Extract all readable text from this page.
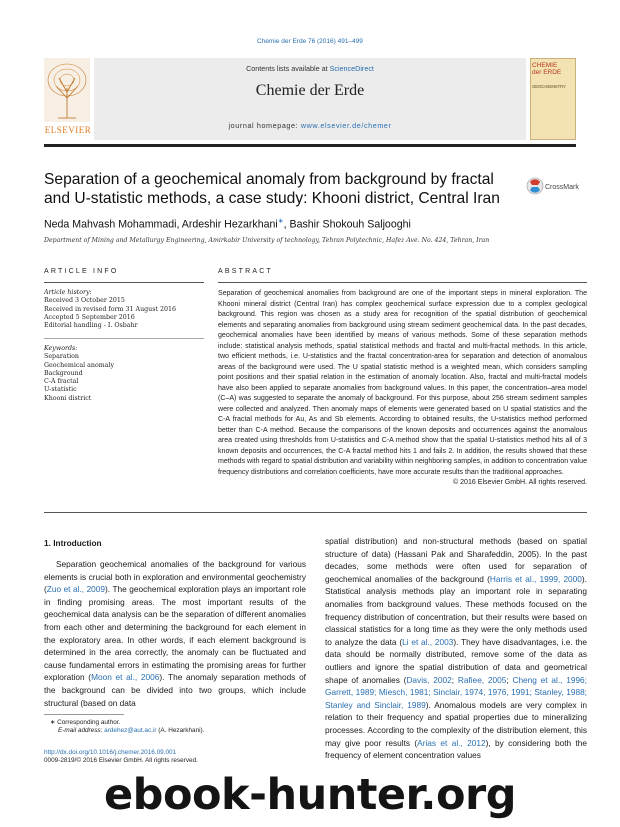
Chemie der Erde 76 (2016) 491–499
ELSEVIER
Contents lists available at ScienceDirect
Chemie der Erde
journal homepage: www.elsevier.de/chemer
CHEMIE
der ERDE
GEOCHEMISTRY
Separation of a geochemical anomaly from background by fractal and U-statistic methods, a case study: Khooni district, Central Iran
CrossMark
Neda Mahvash Mohammadi, Ardeshir Hezarkhani∗, Bashir Shokouh Saljooghi
Department of Mining and Metallurgy Engineering, Amirkabir University of technology, Tehran Polytechnic, Hafez Ave. No. 424, Tehran, Iran
ARTICLE INFO	ABSTRACT
Article history:
Received 3 October 2015
Received in revised form 31 August 2016
Accepted 5 September 2016
Editorial handling - I. Osbahr
Keywords:
Separation
Geochemical anomaly
Background
C-A fractal
U-statistic
Khooni district
Separation of geochemical anomalies from background are one of the important steps in mineral exploration. The Khooni mineral district (Central Iran) has complex geochemical surface expression due to a complex geological background. This region was chosen as a study area for recognition of the spatial distribution of geochemical elements and separating anomalies from background using stream sediment geochemical data. In the past decades, geochemical anomalies have been identified by means of various methods. Some of these separation methods include: statistical analysis methods, spatial statistical methods and fractal and multi-fractal methods. In this article, two efficient methods, i.e. U-statistics and the fractal concentration-area for separation and detection of anomalous areas of the background were used. The U spatial statistic method is a weighted mean, which considers sampling point positions and their spatial relation in the estimation of anomaly location. Also, fractal and multi-fractal models have also been applied to separate anomalies from background values. In this paper, the concentration–area model (C–A) was suggested to separate the anomaly of background. For this purpose, about 256 stream sediment samples were collected and analyzed. Then anomaly maps of elements were generated based on U spatial statistics and the C-A fractal methods for Au, As and Sb elements. According to obtained results, the U-statistics method performed better than C-A method. Because the comparisons of the known deposits and occurrences against the anomalous area created using thresholds from U-statistics and C-A method show that the spatial U-statistics method hits all of 3 known deposits and occurrences, the C-A fractal method hits 1 and fails 2. In addition, the results showed that these methods with regard to spatial distribution and variability within neighboring samples, in addition to concentration value frequency distributions and correlation coefficients, have more accurate results than the traditional approaches.
© 2016 Elsevier GmbH. All rights reserved.
1. Introduction
Separation geochemical anomalies of the background for various elements is crucial both in exploration and environmental geochemistry (Zuo et al., 2009). The geochemical exploration plays an important role in finding promising areas. The most important results of the geochemical data analysis can be the separation of different anomalies from each other and determining the background for each element in the exploratory area. In other words, if each element background is determined in the area correctly, the anomaly can be fluctuated and cause fundamental errors in estimating the promising areas for further exploration (Moon et al., 2006). The anomaly separation methods of the background can be divided into two groups, which include structural (based on data
spatial distribution) and non-structural methods (based on spatial structure of data) (Hassani Pak and Sharafeddin, 2005). In the past decades, some methods were often used for separation of geochemical anomalies of the background (Harris et al., 1999, 2000). Statistical analysis methods play an important role in separating anomalies from background values. These methods focused on the frequency distribution of concentration, but their results were based on classical statistics for a long time as they were the only methods used to analyze the data (Li et al., 2003). They have disadvantages, i.e. the data should be normally distributed, remove some of the data as outliers and ignore the spatial distribution of data and geometrical shape of anomalies (Davis, 2002; Rafiee, 2005; Cheng et al., 1996; Garrett, 1989; Miesch, 1981; Sinclair, 1974, 1976, 1991; Stanley, 1988; Stanley and Sinclair, 1989). Anomalous models are very complex in relation to their frequency and spatial properties due to mineralizing processes. According to the complexity of the distribution element, this may give poor results (Arias et al., 2012), by considering both the frequency of element concentration values
∗ Corresponding author.
E-mail address: ardehez@aut.ac.ir (A. Hezarkhani).
http://dx.doi.org/10.1016/j.chemer.2016.09.001
0009-2819/© 2016 Elsevier GmbH. All rights reserved.
ebook-hunter.org
